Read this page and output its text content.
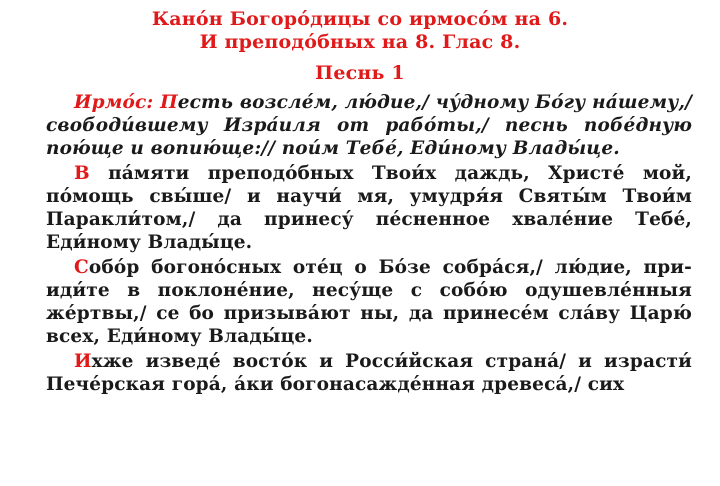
Кано́н Богоро́дицы со ирмосо́м на 6.
И преподо́бных на 8. Глас 8.
Песнь 1

Ирмо́с: Песть возсле́м, лю́дие,/ чу́дному Бо́гу на́шему,/ свободи́вшему Изра́иля от рабо́ты,/ песнь побе́дную пою́ще и вопию́ще:// пои́м Тебе́, Еди́ному Влады́це.

В па́мяти преподо́бных Твои́х даждь, Христе́ мой, по́мощь свы́ше/ и научи́ мя, умудря́я Святы́м Твои́м Паракли́том,/ да принесу́ пе́сненное хвале́ние Тебе́, Еди́ному Влады́це.

Собо́р богоно́сных оте́ц о Бо́зе собра́ся,/ лю́дие, при-иди́те в поклоне́ние, несу́ще с собо́ю одушевле́нныя же́ртвы,/ се бо призыва́ют ны, да принесе́м сла́ву Царю́ всех, Еди́ному Влады́це.

Ихже изведе́ восто́к и Росси́йская страна́/ и израсти́ Пече́рская гора́, а́ки богонасажде́нная древеса́,/ сих
